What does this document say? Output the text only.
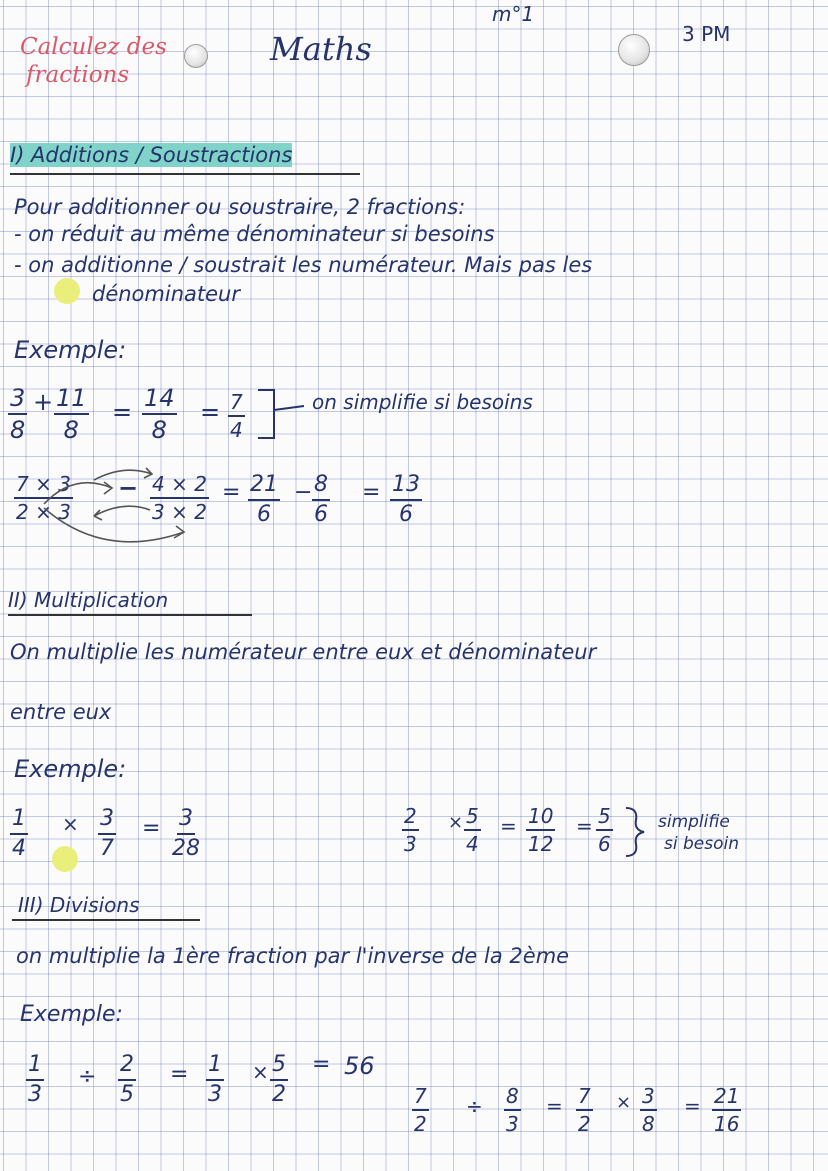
Calculez des
fractions
Maths
m°1
3 PM
I) Additions / Soustractions
Pour additionner ou soustraire, 2 fractions:
- on réduit au même dénominateur si besoins
- on additionne / soustrait les numérateur. Mais pas les
dénominateur
Exemple:
$\frac{3}{8} + \frac{11}{8} = \frac{14}{8} = \frac{7}{4}$	on simplifie si besoins
$\frac{7 \times 3}{2 \times 3} - \frac{4 \times 2}{3 \times 2} = \frac{21}{6} - \frac{8}{6} = \frac{13}{6}$
II) Multiplication
On multiplie les numérateur entre eux et dénominateur
entre eux
Exemple:
$\frac{1}{4} \times \frac{3}{7} = \frac{3}{28}$	$\frac{2}{3} \times \frac{5}{4} = \frac{10}{12} = \frac{5}{6}$	simplifie
si besoin
III) Divisions
on multiplie la 1ère fraction par l'inverse de la 2ème
Exemple:
$\frac{1}{3} \div \frac{2}{5} = \frac{1}{3} \times \frac{5}{2} = 56$
$\frac{7}{2} \div \frac{8}{3} = \frac{7}{2} \times \frac{3}{8} = \frac{21}{16}$
